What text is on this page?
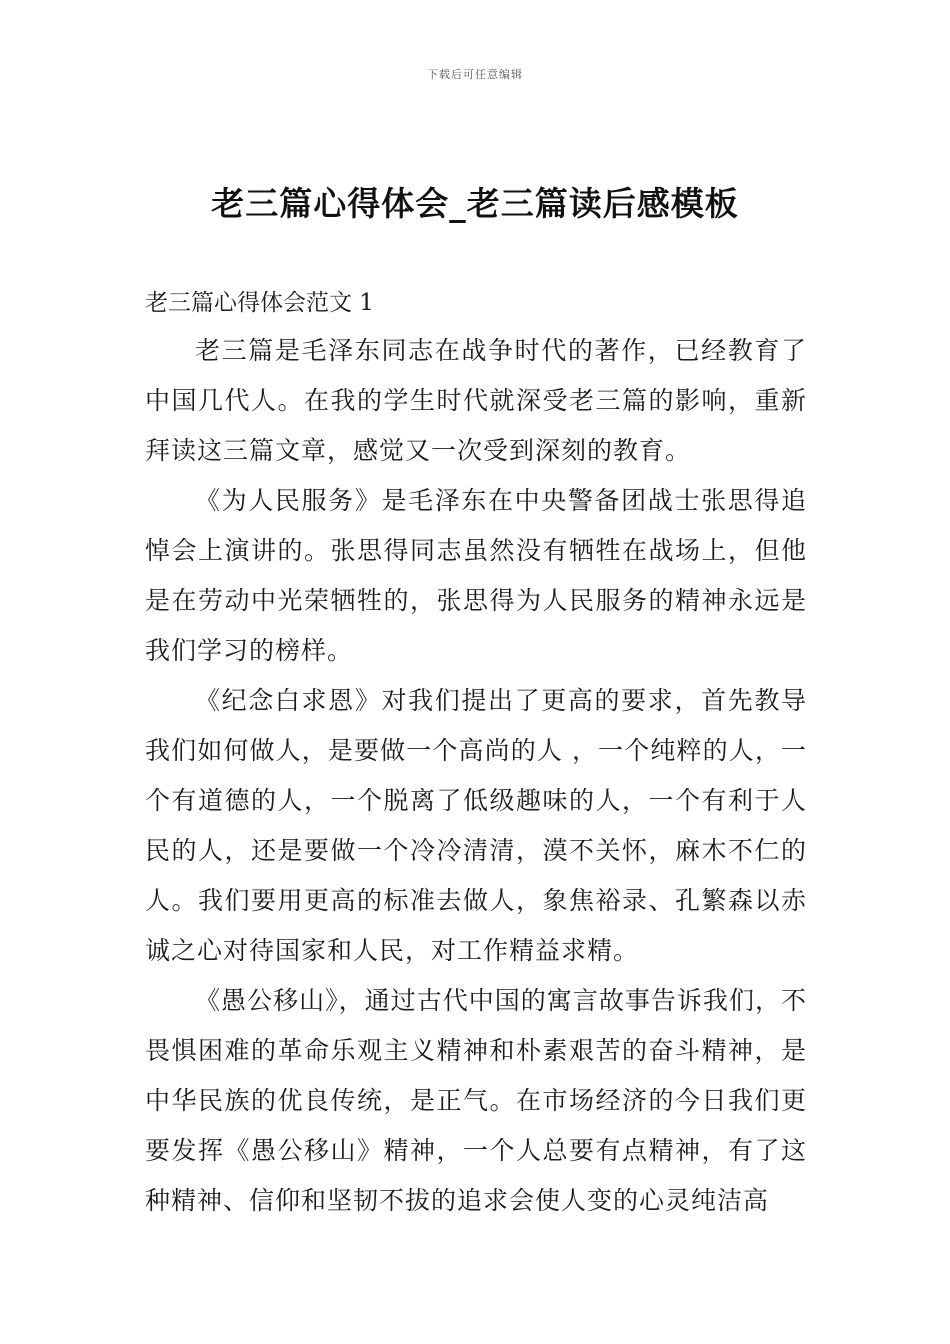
下载后可任意编辑
老三篇心得体会_老三篇读后感模板
老三篇心得体会范文 1

老三篇是毛泽东同志在战争时代的著作，已经教育了中国几代人。在我的学生时代就深受老三篇的影响，重新拜读这三篇文章，感觉又一次受到深刻的教育。

《为人民服务》是毛泽东在中央警备团战士张思得追悼会上演讲的。张思得同志虽然没有牺牲在战场上，但他是在劳动中光荣牺牲的，张思得为人民服务的精神永远是我们学习的榜样。

《纪念白求恩》对我们提出了更高的要求，首先教导我们如何做人，是要做一个高尚的人 ，一个纯粹的人，一个有道德的人，一个脱离了低级趣味的人，一个有利于人民的人，还是要做一个冷冷清清，漠不关怀，麻木不仁的人。我们要用更高的标准去做人，象焦裕录、孔繁森以赤诚之心对待国家和人民，对工作精益求精。

《愚公移山》，通过古代中国的寓言故事告诉我们，不畏惧困难的革命乐观主义精神和朴素艰苦的奋斗精神，是中华民族的优良传统，是正气。在市场经济的今日我们更要发挥《愚公移山》精神，一个人总要有点精神，有了这种精神、信仰和坚韧不拔的追求会使人变的心灵纯洁高
